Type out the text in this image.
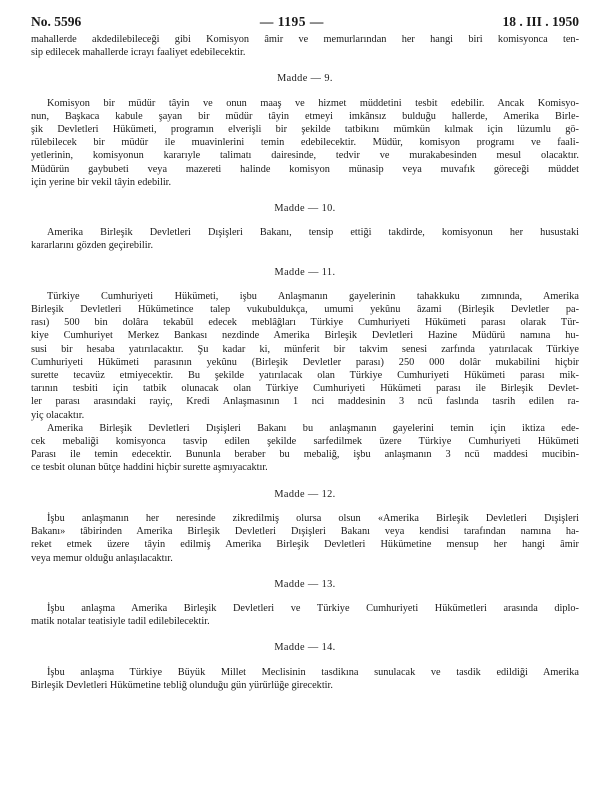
No. 5596	— 1195 —	18 . III . 1950

mahallerde akdedilebileceği gibi Komisyon âmir ve memurlarından her hangi biri komisyonca ten-

sip edilecek mahallerde icrayı faaliyet edebilecektir.

Madde — 9.

Komisyon bir müdür tâyin ve onun maaş ve hizmet müddetini tesbit edebilir. Ancak Komisyo-

nun, Başkaca kabule şayan bir müdür tâyin etmeyi imkânsız bulduğu hallerde, Amerika Birle-

şik Devletleri Hükümeti, programın elverişli bir şekilde tatbikını mümkün kılmak için lüzumlu gö-

rülebilecek bir müdür ile muavinlerini temin edebilecektir. Müdür, komisyon programı ve faali-

yetlerinin, komisyonun kararıyle talimatı dairesinde, tedvir ve murakabesinden mesul olacaktır.

Müdürün gaybubeti veya mazereti halinde komisyon münasip veya muvafık göreceği müddet

için yerine bir vekil tâyin edebilir.

Madde — 10.

Amerika Birleşik Devletleri Dışişleri Bakanı, tensip ettiği takdirde, komisyonun her husustaki

kararlarını gözden geçirebilir.

Madde — 11.

Türkiye Cumhuriyeti Hükümeti, işbu Anlaşmanın gayelerinin tahakkuku zımnında, Amerika

Birleşik Devletleri Hükümetince talep vukubuldukça, umumi yekûnu âzami (Birleşik Devletler pa-

rası) 500 bin dolâra tekabül edecek meblâğları Türkiye Cumhuriyeti Hükümeti parası olarak Tür-

kiye Cumhuriyet Merkez Bankası nezdinde Amerika Birleşik Devletleri Hazine Müdürü namına hu-

susi bir hesaba yatırılacaktır. Şu kadar ki, münferit bir takvim senesi zarfında yatırılacak Türkiye

Cumhuriyeti Hükümeti parasının yekûnu (Birleşik Devletler parası) 250 000 dolâr mukabilini hiçbir

surette tecavüz etmiyecektir. Bu şekilde yatırılacak olan Türkiye Cumhuriyeti Hükümeti parası mik-

tarının tesbiti için tatbik olunacak olan Türkiye Cumhuriyeti Hükümeti parası ile Birleşik Devlet-

ler parası arasındaki rayiç, Kredi Anlaşmasının 1 nci maddesinin 3 ncü faslında tasrih edilen ra-

yiç olacaktır.

Amerika Birleşik Devletleri Dışişleri Bakanı bu anlaşmanın gayelerini temin için iktiza ede-

cek mebaliği komisyonca tasvip edilen şekilde sarfedilmek üzere Türkiye Cumhuriyeti Hükümeti

Parası ile temin edecektir. Bununla beraber bu mebaliğ, işbu anlaşmanın 3 ncü maddesi mucibin-

ce tesbit olunan bütçe haddini hiçbir surette aşmıyacaktır.

Madde — 12.

İşbu anlaşmanın her neresinde zikredilmiş olursa olsun «Amerika Birleşik Devletleri Dışişleri

Bakanı» tâbirinden Amerika Birleşik Devletleri Dışişleri Bakanı veya kendisi tarafından namına ha-

reket etmek üzere tâyin edilmiş Amerika Birleşik Devletleri Hükümetine mensup her hangi âmir

veya memur olduğu anlaşılacaktır.

Madde — 13.

İşbu anlaşma Amerika Birleşik Devletleri ve Türkiye Cumhuriyeti Hükümetleri arasında diplo-

matik notalar teatisiyle tadil edilebilecektir.

Madde — 14.

İşbu anlaşma Türkiye Büyük Millet Meclisinin tasdikına sunulacak ve tasdik edildiği Amerika

Birleşik Devletleri Hükümetine tebliğ olunduğu gün yürürlüğe girecektir.
